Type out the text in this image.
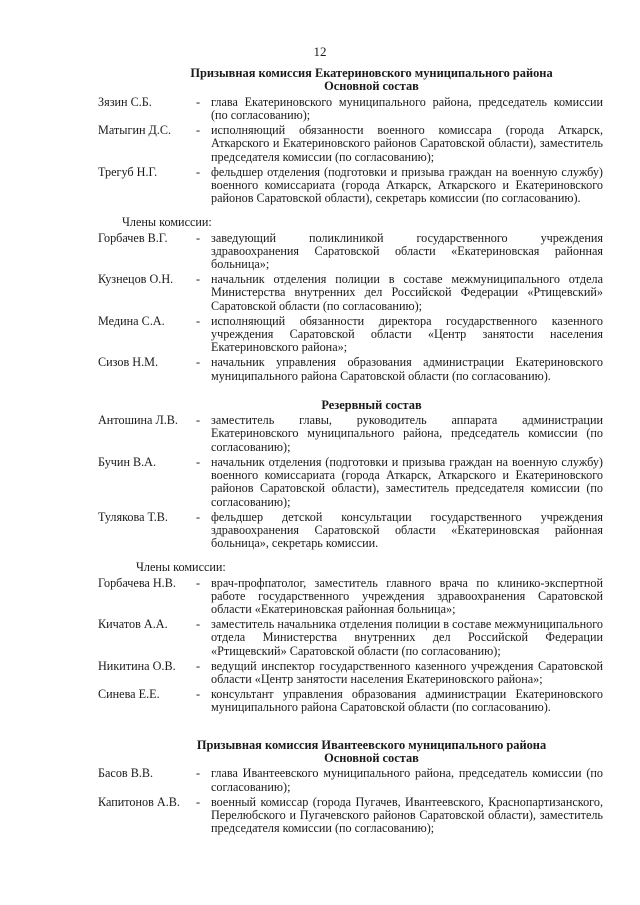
12
Призывная комиссия Екатериновского муниципального района
Основной состав
Зязин С.Б.	- глава Екатериновского муниципального района, председатель комиссии (по согласованию);
Матыгин Д.С.	- исполняющий обязанности военного комиссара (города Аткарск, Аткарского и Екатериновского районов Саратовской области), заместитель председателя комиссии (по согласованию);
Трегуб Н.Г.	- фельдшер отделения (подготовки и призыва граждан на военную службу) военного комиссариата (города Аткарск, Аткарского и Екатериновского районов Саратовской области), секретарь комиссии (по согласованию).
Члены комиссии:
Горбачев В.Г.	- заведующий поликлиникой государственного учреждения здравоохранения Саратовской области «Екатериновская районная больница»;
Кузнецов О.Н.	- начальник отделения полиции в составе межмуниципального отдела Министерства внутренних дел Российской Федерации «Ртищевский» Саратовской области (по согласованию);
Медина С.А.	- исполняющий обязанности директора государственного казенного учреждения Саратовской области «Центр занятости населения Екатериновского района»;
Сизов Н.М.	- начальник управления образования администрации Екатериновского муниципального района Саратовской области (по согласованию).
Резервный состав
Антошина Л.В.	- заместитель главы, руководитель аппарата администрации Екатериновского муниципального района, председатель комиссии (по согласованию);
Бучин В.А.	- начальник отделения (подготовки и призыва граждан на военную службу) военного комиссариата (города Аткарск, Аткарского и Екатериновского районов Саратовской области), заместитель председателя комиссии (по согласованию);
Тулякова Т.В.	- фельдшер детской консультации государственного учреждения здравоохранения Саратовской области «Екатериновская районная больница», секретарь комиссии.
Члены комиссии:
Горбачева Н.В.	- врач-профпатолог, заместитель главного врача по клинико-экспертной работе государственного учреждения здравоохранения Саратовской области «Екатериновская районная больница»;
Кичатов А.А.	- заместитель начальника отделения полиции в составе межмуниципального отдела Министерства внутренних дел Российской Федерации «Ртищевский» Саратовской области (по согласованию);
Никитина О.В.	- ведущий инспектор государственного казенного учреждения Саратовской области «Центр занятости населения Екатериновского района»;
Синева Е.Е.	- консультант управления образования администрации Екатериновского муниципального района Саратовской области (по согласованию).
Призывная комиссия Ивантеевского муниципального района
Основной состав
Басов В.В.	- глава Ивантеевского муниципального района, председатель комиссии (по согласованию);
Капитонов А.В.	- военный комиссар (города Пугачев, Ивантеевского, Краснопартизанского, Перелюбского и Пугачевского районов Саратовской области), заместитель председателя комиссии (по согласованию);
